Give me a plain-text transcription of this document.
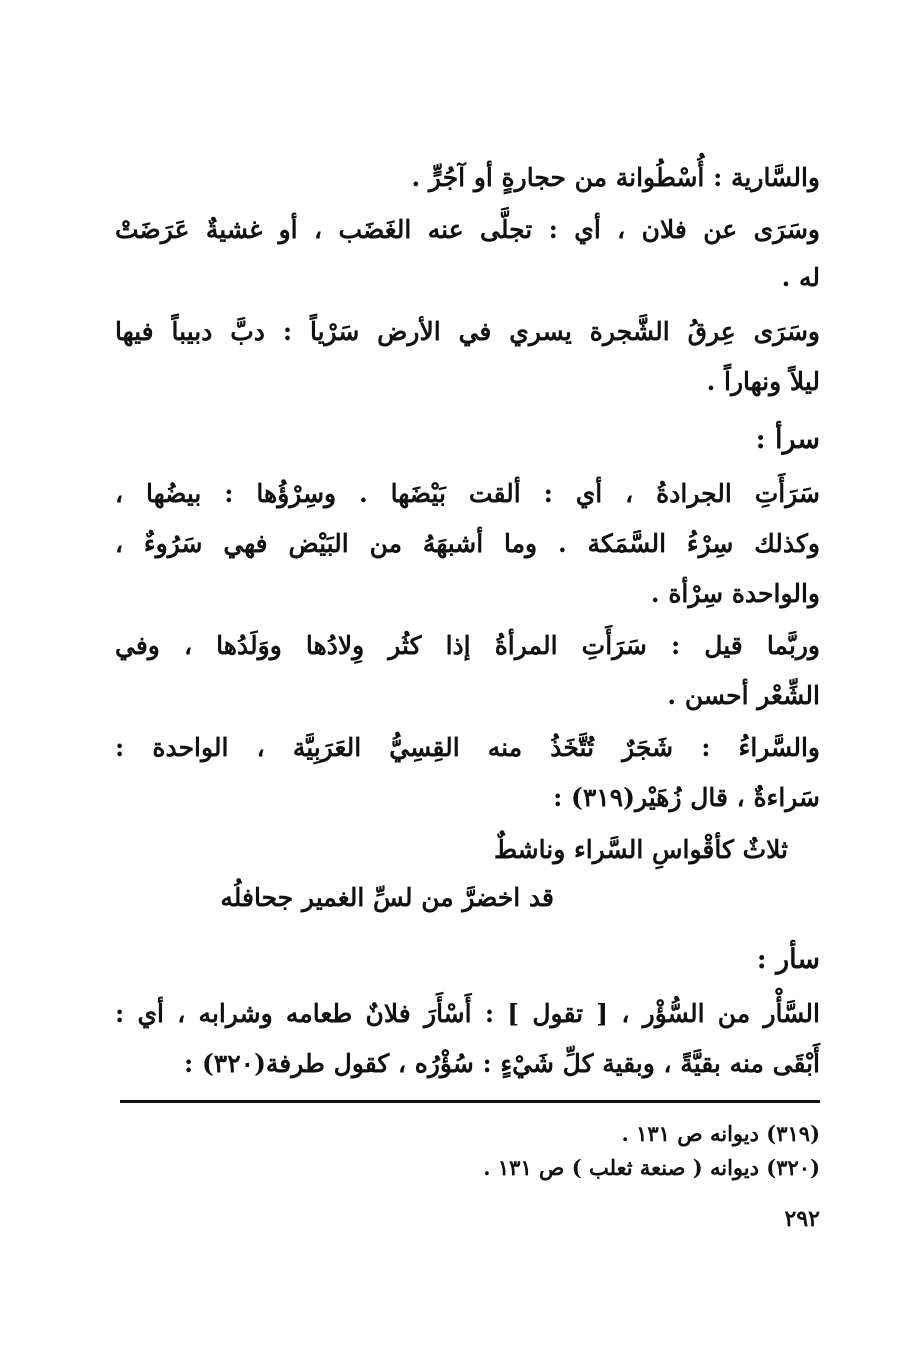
والسَّارية : أُسْطُوانة من حجارةٍ أو آجُرٍّ .
وسَرَى عن فلان ، أي : تجلَّى عنه الغَضَب ، أو غشيةٌ عَرَضَتْ
له .
وسَرَى عِرقُ الشَّجرة يسري في الأرض سَرْياً : دبَّ دبيباً فيها
ليلاً ونهاراً .
سرأ :
سَرَأَتِ الجرادةُ ، أي : ألقت بَيْضَها . وسِرْؤُها : بيضُها ،
وكذلك سِرْءُ السَّمَكة . وما أشبهَهُ من البَيْض فهي سَرُوءٌ ،
والواحدة سِرْأة .
وربَّما قيل : سَرَأَتِ المرأةُ إذا كثُر وِلادُها ووَلَدُها ، وفي
الشِّعْر أحسن .
والسَّراءُ : شَجَرٌ تُتَّخَذُ منه القِسِيُّ العَرَبِيَّة ، الواحدة :
سَراءةٌ ، قال زُهَيْر(٣١٩) :
ثلاثٌ كأقْواسِ السَّراء وناشطٌ
قد اخضرَّ من لسِّ الغمير جحافلُه
سأر :
السَّأْر من السُّؤْر ، [ تقول ] : أَسْأَرَ فلانٌ طعامه وشرابه ، أي :
أَبْقَى منه بقيَّةً ، وبقية كلِّ شَيْءٍ : سُؤْرُه ، كقول طرفة(٣٢٠) :
(٣١٩) ديوانه ص ١٣١ .
(٣٢٠) ديوانه ( صنعة ثعلب ) ص ١٣١ .
٢٩٢
